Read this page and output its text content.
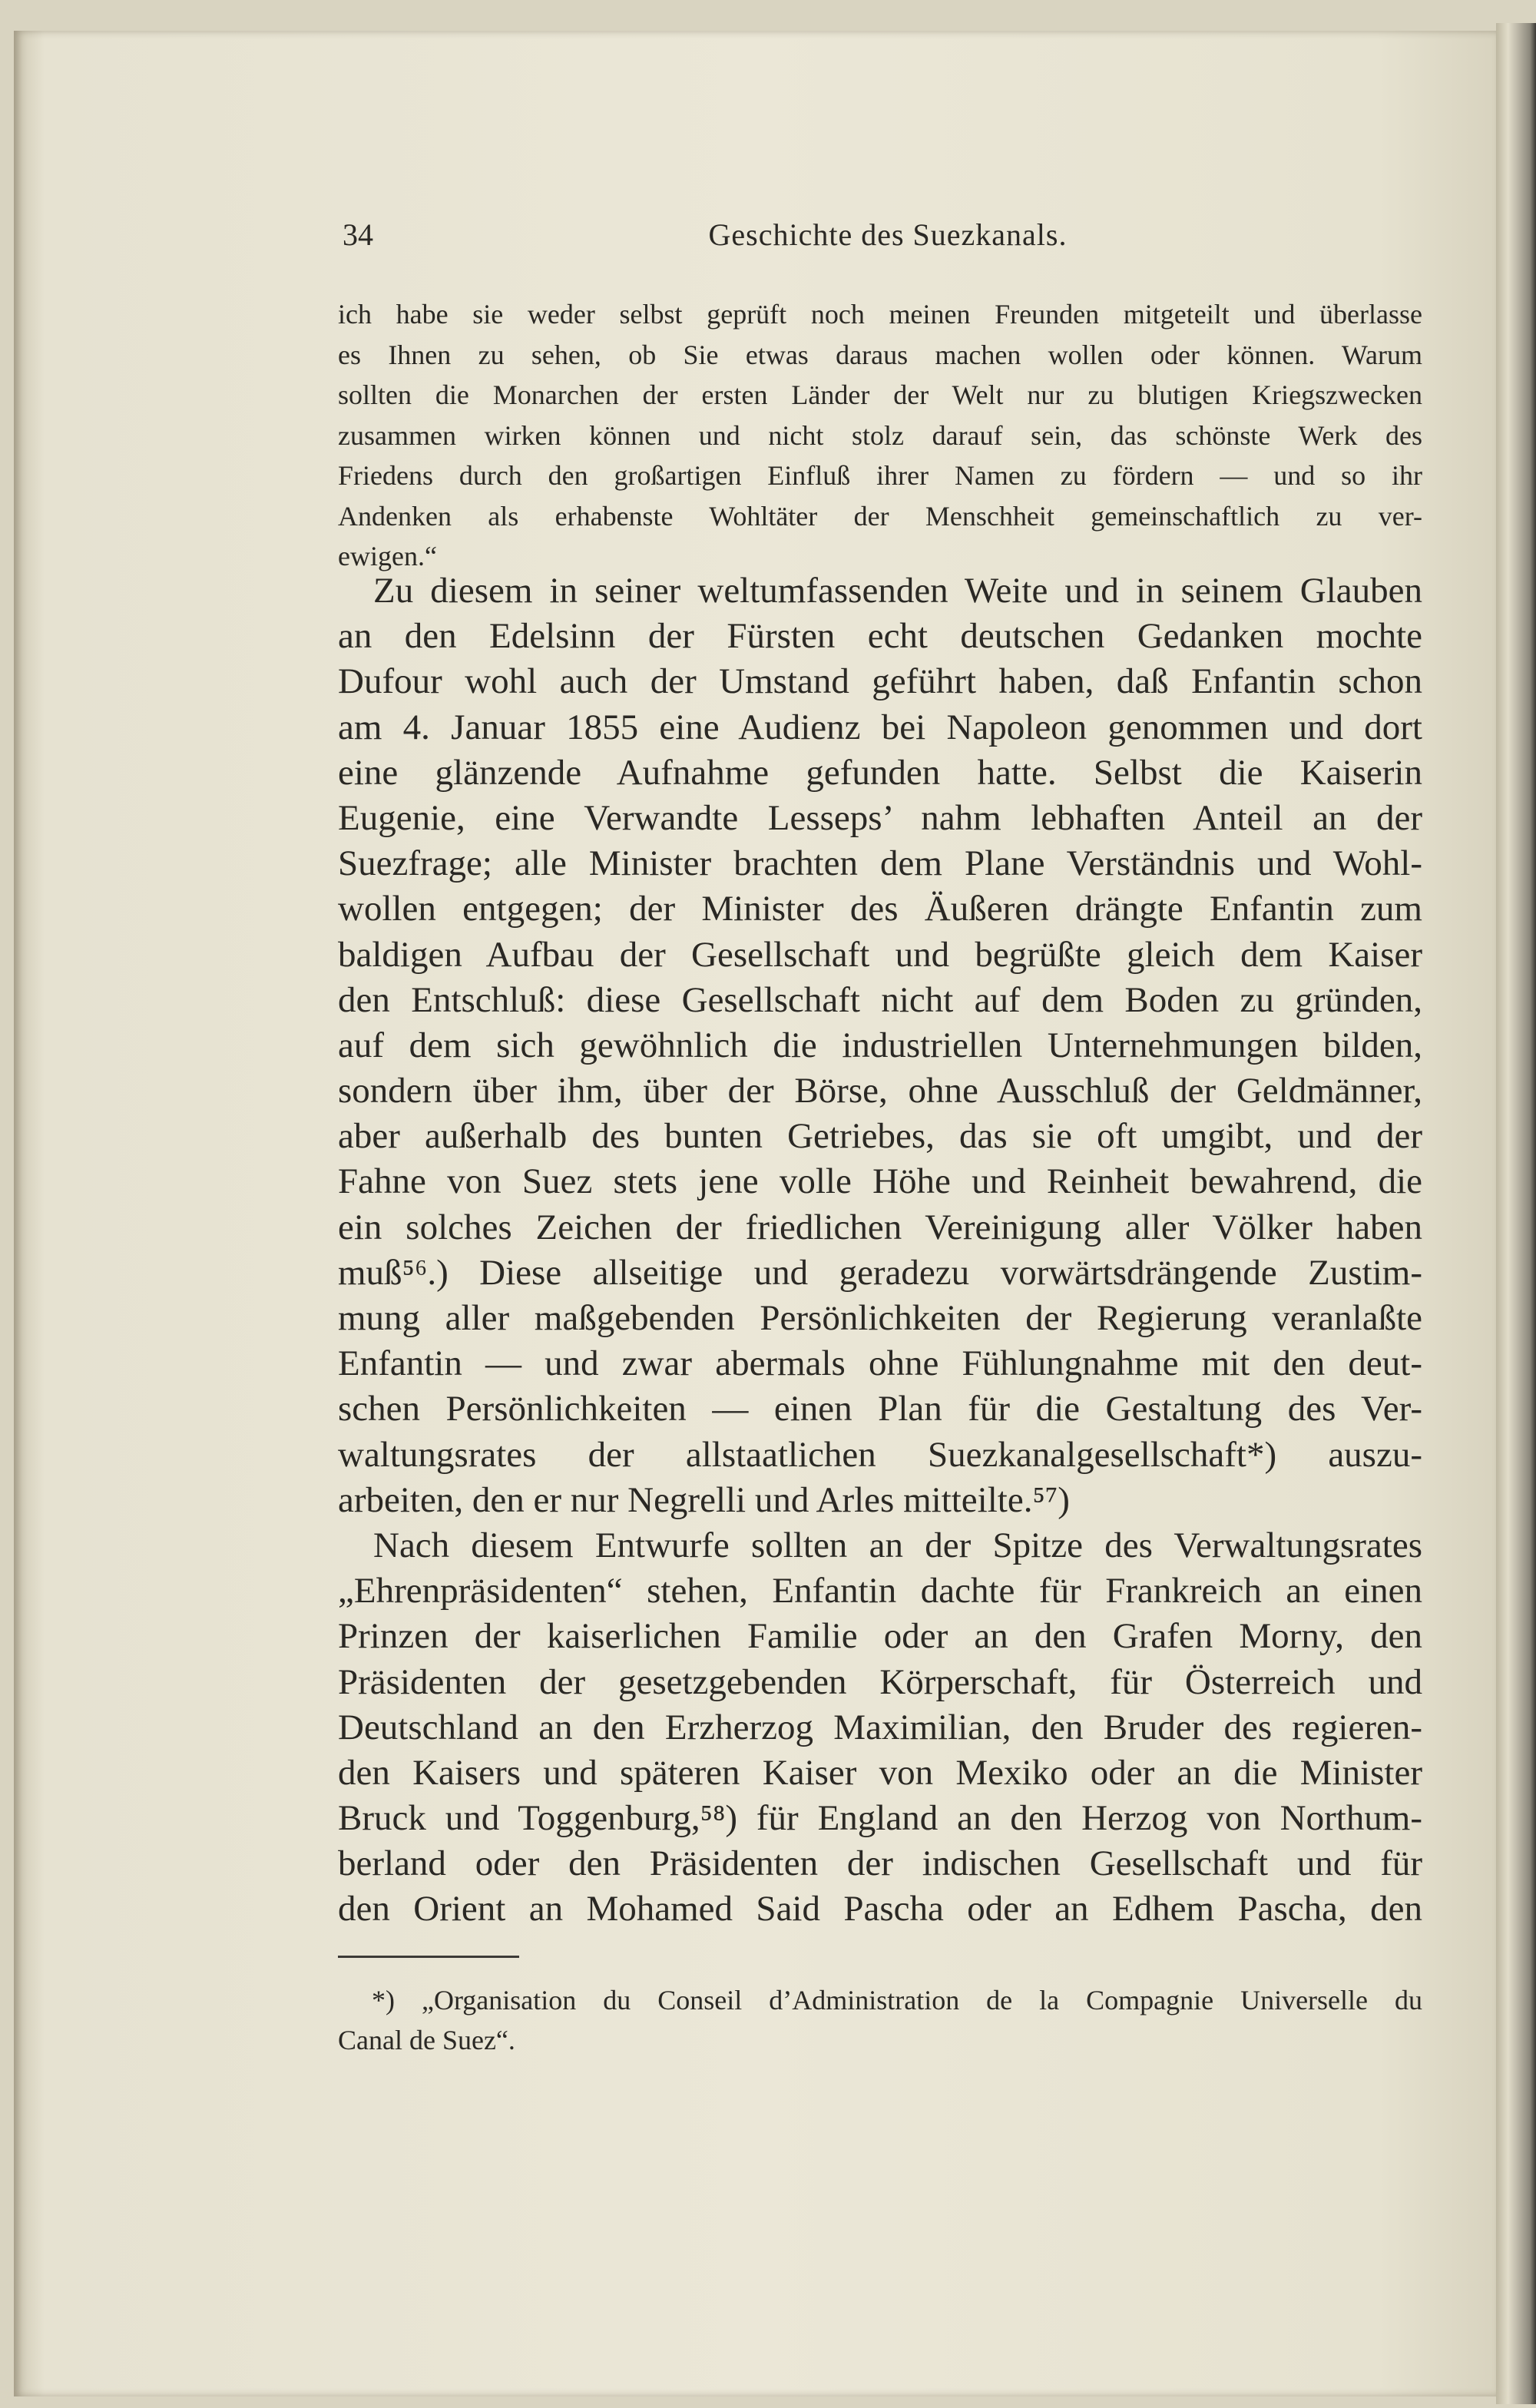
34	Geschichte des Suezkanals.
ich habe sie weder selbst geprüft noch meinen Freunden mitgeteilt und überlasse
es Ihnen zu sehen, ob Sie etwas daraus machen wollen oder können. Warum
sollten die Monarchen der ersten Länder der Welt nur zu blutigen Kriegszwecken
zusammen wirken können und nicht stolz darauf sein, das schönste Werk des
Friedens durch den großartigen Einfluß ihrer Namen zu fördern — und so ihr
Andenken als erhabenste Wohltäter der Menschheit gemeinschaftlich zu ver-
ewigen.“
Zu diesem in seiner weltumfassenden Weite und in seinem Glauben
an den Edelsinn der Fürsten echt deutschen Gedanken mochte
Dufour wohl auch der Umstand geführt haben, daß Enfantin schon
am 4. Januar 1855 eine Audienz bei Napoleon genommen und dort
eine glänzende Aufnahme gefunden hatte. Selbst die Kaiserin
Eugenie, eine Verwandte Lesseps’ nahm lebhaften Anteil an der
Suezfrage; alle Minister brachten dem Plane Verständnis und Wohl-
wollen entgegen; der Minister des Äußeren drängte Enfantin zum
baldigen Aufbau der Gesellschaft und begrüßte gleich dem Kaiser
den Entschluß: diese Gesellschaft nicht auf dem Boden zu gründen,
auf dem sich gewöhnlich die industriellen Unternehmungen bilden,
sondern über ihm, über der Börse, ohne Ausschluß der Geldmänner,
aber außerhalb des bunten Getriebes, das sie oft umgibt, und der
Fahne von Suez stets jene volle Höhe und Reinheit bewahrend, die
ein solches Zeichen der friedlichen Vereinigung aller Völker haben
muß⁵⁶.) Diese allseitige und geradezu vorwärtsdrängende Zustim-
mung aller maßgebenden Persönlichkeiten der Regierung veranlaßte
Enfantin — und zwar abermals ohne Fühlungnahme mit den deut-
schen Persönlichkeiten — einen Plan für die Gestaltung des Ver-
waltungsrates der allstaatlichen Suezkanalgesellschaft*) auszu-
arbeiten, den er nur Negrelli und Arles mitteilte.⁵⁷)
Nach diesem Entwurfe sollten an der Spitze des Verwaltungsrates
„Ehrenpräsidenten“ stehen, Enfantin dachte für Frankreich an einen
Prinzen der kaiserlichen Familie oder an den Grafen Morny, den
Präsidenten der gesetzgebenden Körperschaft, für Österreich und
Deutschland an den Erzherzog Maximilian, den Bruder des regieren-
den Kaisers und späteren Kaiser von Mexiko oder an die Minister
Bruck und Toggenburg,⁵⁸) für England an den Herzog von Northum-
berland oder den Präsidenten der indischen Gesellschaft und für
den Orient an Mohamed Said Pascha oder an Edhem Pascha, den
*) „Organisation du Conseil d’Administration de la Compagnie Universelle du
Canal de Suez“.
